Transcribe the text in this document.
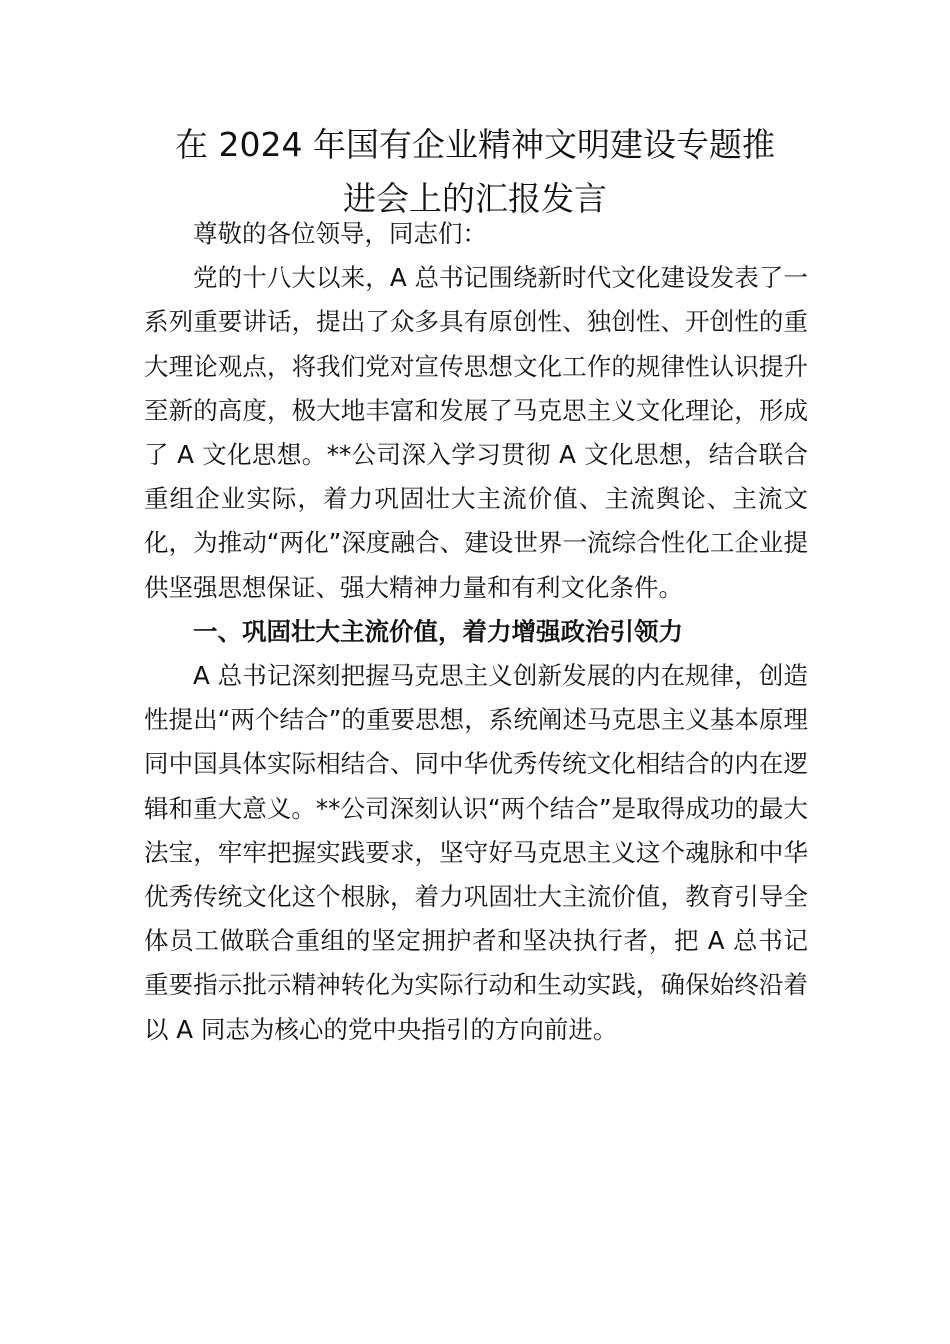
在 2024 年国有企业精神文明建设专题推
进会上的汇报发言

尊敬的各位领导，同志们：

党的十八大以来，A 总书记围绕新时代文化建设发表了一系列重要讲话，提出了众多具有原创性、独创性、开创性的重大理论观点，将我们党对宣传思想文化工作的规律性认识提升至新的高度，极大地丰富和发展了马克思主义文化理论，形成了 A 文化思想。**公司深入学习贯彻 A 文化思想，结合联合重组企业实际，着力巩固壮大主流价值、主流舆论、主流文化，为推动“两化”深度融合、建设世界一流综合性化工企业提供坚强思想保证、强大精神力量和有利文化条件。

一、巩固壮大主流价值，着力增强政治引领力

A 总书记深刻把握马克思主义创新发展的内在规律，创造性提出“两个结合”的重要思想，系统阐述马克思主义基本原理同中国具体实际相结合、同中华优秀传统文化相结合的内在逻辑和重大意义。**公司深刻认识“两个结合”是取得成功的最大法宝，牢牢把握实践要求，坚守好马克思主义这个魂脉和中华优秀传统文化这个根脉，着力巩固壮大主流价值，教育引导全体员工做联合重组的坚定拥护者和坚决执行者，把 A 总书记重要指示批示精神转化为实际行动和生动实践，确保始终沿着以 A 同志为核心的党中央指引的方向前进。
